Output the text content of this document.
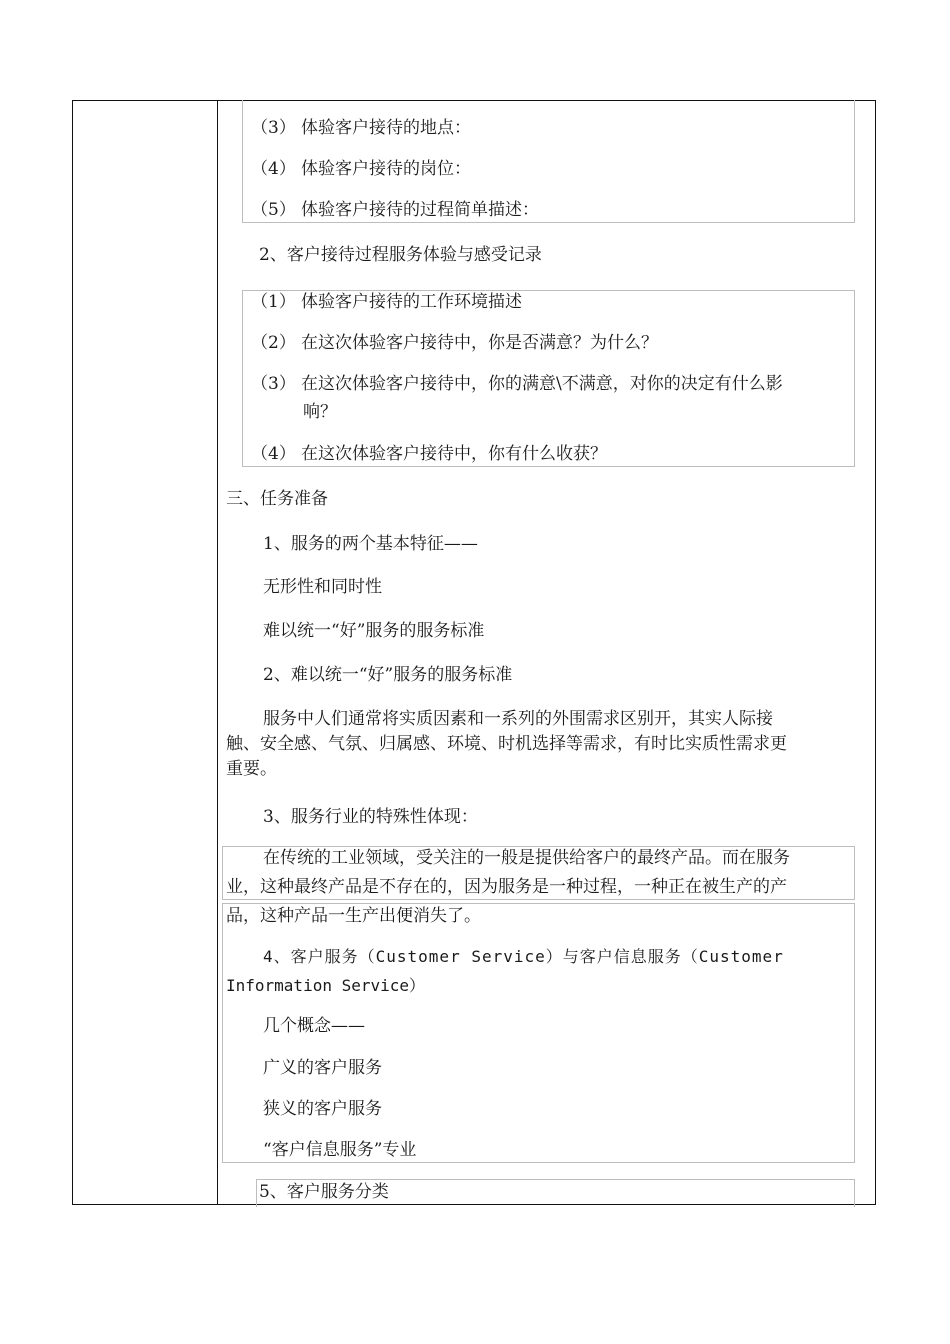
（3） 体验客户接待的地点：
（4） 体验客户接待的岗位：
（5） 体验客户接待的过程简单描述：
2、客户接待过程服务体验与感受记录
（1） 体验客户接待的工作环境描述
（2） 在这次体验客户接待中，你是否满意？为什么？
（3） 在这次体验客户接待中，你的满意\不满意，对你的决定有什么影
响？
（4） 在这次体验客户接待中，你有什么收获？
三、任务准备
1、服务的两个基本特征——
无形性和同时性
难以统一“好”服务的服务标准
2、难以统一“好”服务的服务标准
服务中人们通常将实质因素和一系列的外围需求区别开，其实人际接
触、安全感、气氛、归属感、环境、时机选择等需求，有时比实质性需求更
重要。
3、服务行业的特殊性体现：
在传统的工业领域，受关注的一般是提供给客户的最终产品。而在服务
业，这种最终产品是不存在的，因为服务是一种过程，一种正在被生产的产
品，这种产品一生产出便消失了。
4、客户服务（Customer Service）与客户信息服务（Customer
Information Service）
几个概念——
广义的客户服务
狭义的客户服务
“客户信息服务”专业
5、客户服务分类
